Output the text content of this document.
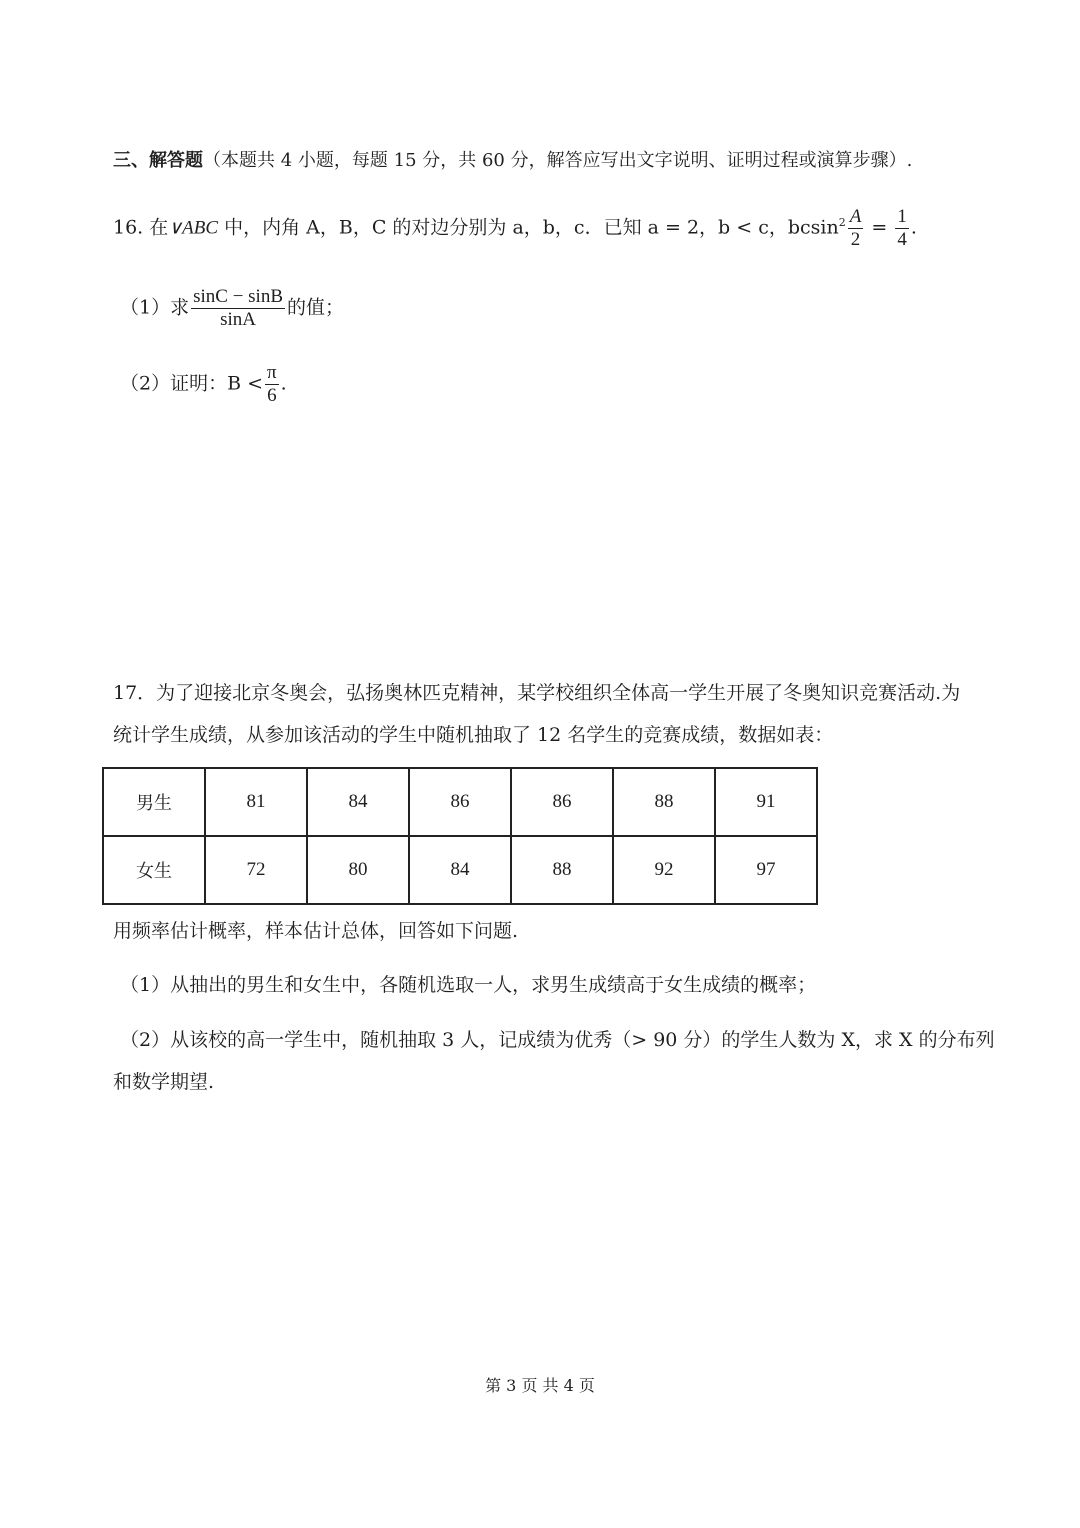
三、解答题（本题共 4 小题，每题 15 分，共 60 分，解答应写出文字说明、证明过程或演算步骤）.
16. 在∨ABC 中，内角 A，B，C 的对边分别为 a，b，c．已知 a = 2，b < c，$bcsin^2 \frac{A}{2} = \frac{1}{4}$ .
（1）求 $\frac{\sin C - \sin B}{\sin A}$ 的值；
（2）证明：$B < \frac{\pi}{6}$ .
17．为了迎接北京冬奥会，弘扬奥林匹克精神，某学校组织全体高一学生开展了冬奥知识竞赛活动.为
统计学生成绩，从参加该活动的学生中随机抽取了 12 名学生的竞赛成绩，数据如表：
男生	81	84	86	86	88	91
女生	72	80	84	88	92	97
用频率估计概率，样本估计总体，回答如下问题.
（1）从抽出的男生和女生中，各随机选取一人，求男生成绩高于女生成绩的概率；
（2）从该校的高一学生中，随机抽取 3 人，记成绩为优秀（> 90 分）的学生人数为 X，求 X 的分布列
和数学期望.
第 3 页 共 4 页
